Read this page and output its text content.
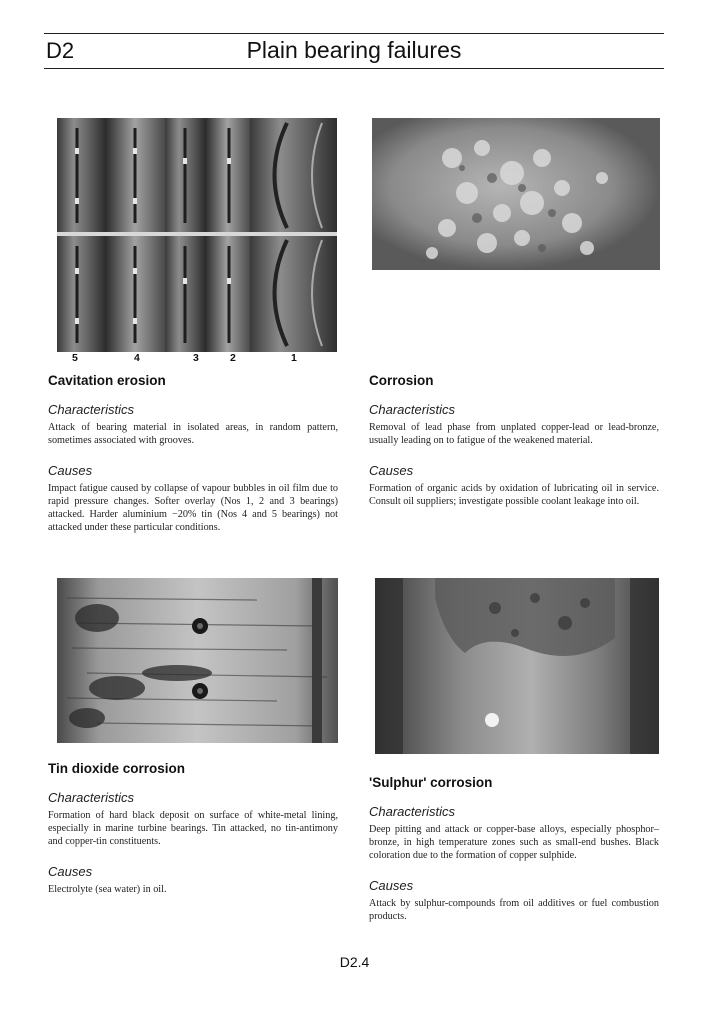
D2	Plain bearing failures
5	4	3	2	1
Cavitation erosion
Characteristics
Attack of bearing material in isolated areas, in random pattern, sometimes associated with grooves.
Causes
Impact fatigue caused by collapse of vapour bubbles in oil film due to rapid pressure changes. Softer overlay (Nos 1, 2 and 3 bearings) attacked. Harder aluminium −20% tin (Nos 4 and 5 bearings) not attacked under these particular conditions.
Corrosion
Characteristics
Removal of lead phase from unplated copper-lead or lead-bronze, usually leading on to fatigue of the weakened material.
Causes
Formation of organic acids by oxidation of lubricating oil in service. Consult oil suppliers; investigate possible coolant leakage into oil.
Tin dioxide corrosion
Characteristics
Formation of hard black deposit on surface of white-metal lining, especially in marine turbine bearings. Tin attacked, no tin-antimony and copper-tin constituents.
Causes
Electrolyte (sea water) in oil.
'Sulphur' corrosion
Characteristics
Deep pitting and attack or copper-base alloys, especially phosphor–bronze, in high temperature zones such as small-end bushes. Black coloration due to the formation of copper sulphide.
Causes
Attack by sulphur-compounds from oil additives or fuel combustion products.
D2.4
